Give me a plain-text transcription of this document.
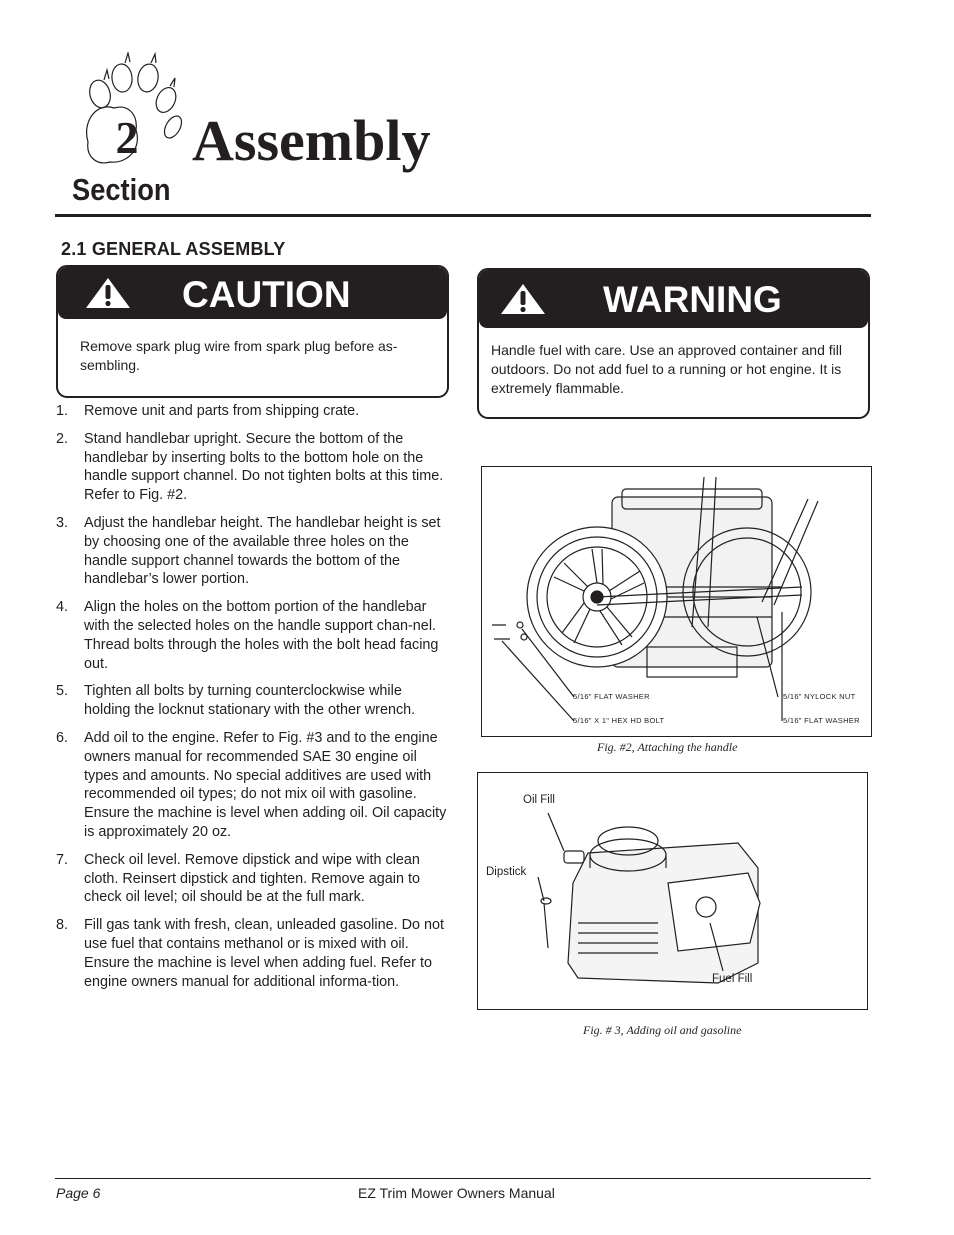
2 Assembly
Section
2.1 GENERAL ASSEMBLY
CAUTION
Remove spark plug wire from spark plug before as-sembling.
WARNING
Handle fuel with care. Use an approved container and fill outdoors. Do not add fuel to a running or hot engine. It is extremely flammable.
1. Remove unit and parts from shipping crate.
2. Stand handlebar upright. Secure the bottom of the handlebar by inserting bolts to the bottom hole on the handle support channel. Do not tighten bolts at this time. Refer to Fig. #2.
3. Adjust the handlebar height. The handlebar height is set by choosing one of the available three holes on the handle support channel towards the bottom of the handlebar’s lower portion.
4. Align the holes on the bottom portion of the handlebar with the selected holes on the handle support chan-nel. Thread bolts through the holes with the bolt head facing out.
5. Tighten all bolts by turning counterclockwise while holding the locknut stationary with the other wrench.
6. Add oil to the engine. Refer to Fig. #3 and to the engine owners manual for recommended SAE 30 engine oil types and amounts. No special additives are used with recommended oil types; do not mix oil with gasoline. Ensure the machine is level when adding oil. Oil capacity is approximately 20 oz.
7. Check oil level. Remove dipstick and wipe with clean cloth. Reinsert dipstick and tighten. Remove again to check oil level; oil should be at the full mark.
8. Fill gas tank with fresh, clean, unleaded gasoline. Do not use fuel that contains methanol or is mixed with oil. Ensure the machine is level when adding fuel. Refer to engine owners manual for additional informa-tion.
5/16" FLAT WASHER
5/16" X 1" HEX HD BOLT
5/16" NYLOCK NUT
5/16" FLAT WASHER
Fig. #2, Attaching the handle
Oil Fill
Dipstick
Fuel Fill
Fig. # 3, Adding oil and gasoline
Page 6	EZ Trim Mower Owners Manual
